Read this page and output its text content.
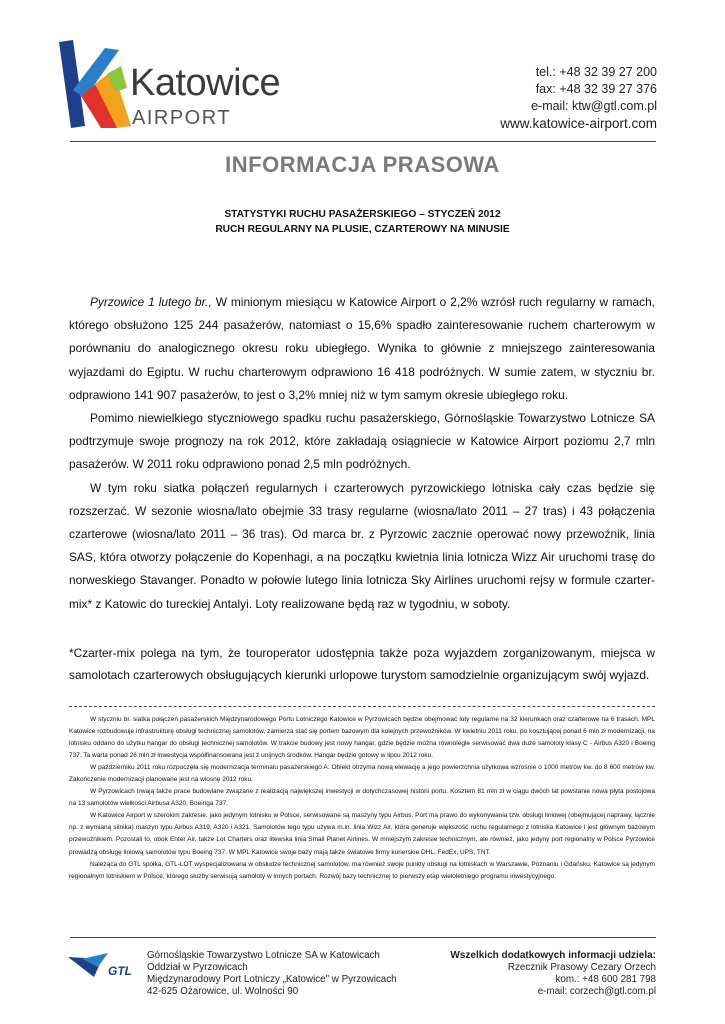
Katowice
AIRPORT
tel.: +48 32 39 27 200
fax: +48 32 39 27 376
e-mail: ktw@gtl.com.pl
www.katowice-airport.com
INFORMACJA PRASOWA
STATYSTYKI RUCHU PASAŻERSKIEGO – STYCZEŃ 2012
RUCH REGULARNY NA PLUSIE, CZARTEROWY NA MINUSIE

Pyrzowice 1 lutego br., W minionym miesiącu w Katowice Airport o 2,2% wzrósł ruch regularny w ramach, którego obsłużono 125 244 pasażerów, natomiast o 15,6% spadło zainteresowanie ruchem charterowym w porównaniu do analogicznego okresu roku ubiegłego. Wynika to głównie z mniejszego zainteresowania wyjazdami do Egiptu. W ruchu charterowym odprawiono 16 418 podróżnych. W sumie zatem, w styczniu br. odprawiono 141 907 pasażerów, to jest o 3,2% mniej niż w tym samym okresie ubiegłego roku.

Pomimo niewielkiego styczniowego spadku ruchu pasażerskiego, Górnośląskie Towarzystwo Lotnicze SA podtrzymuje swoje prognozy na rok 2012, które zakładają osiągniecie w Katowice Airport poziomu 2,7 mln pasażerów. W 2011 roku odprawiono ponad 2,5 mln podróżnych.

W tym roku siatka połączeń regularnych i czarterowych pyrzowickiego lotniska cały czas będzie się rozszerzać. W sezonie wiosna/lato obejmie 33 trasy regularne (wiosna/lato 2011 – 27 tras) i 43 połączenia czarterowe (wiosna/lato 2011 – 36 tras). Od marca br. z Pyrzowic zacznie operować nowy przewoźnik, linia SAS, która otworzy połączenie do Kopenhagi, a na początku kwietnia linia lotnicza Wizz Air uruchomi trasę do norweskiego Stavanger. Ponadto w połowie lutego linia lotnicza Sky Airlines uruchomi rejsy w formule czarter-mix* z Katowic do tureckiej Antalyi. Loty realizowane będą raz w tygodniu, w soboty.

*Czarter-mix polega na tym, że touroperator udostępnia także poza wyjazdem zorganizowanym, miejsca w samolotach czarterowych obsługujących kierunki urlopowe turystom samodzielnie organizującym swój wyjazd.

W styczniu br. siatka połączeń pasażerskich Międzynarodowego Portu Lotniczego Katowice w Pyrzowicach będzie obejmować loty regularne na 32 kierunkach oraz czarterowe na 6 trasach. MPL Katowice rozbudowuje infrastrukturę obsługi technicznej samolotów, zamierza stać się portem bazowym dla kolejnych przewoźników. W kwietniu 2011 roku, po kosztującej ponad 6 mln zł modernizacji, na lotnisku oddano do użytku hangar do obsługi technicznej samolotów. W trakcie budowy jest nowy hangar, gdzie będzie można równolegle serwisować dwa duże samoloty klasy C - Airbus A320 i Boeing 737. Ta warta ponad 26 mln zł inwestycja współfinansowana jest z unijnych środków. Hangar będzie gotowy w lipcu 2012 roku.

W październiku 2011 roku rozpoczęła się modernizacja terminalu pasażerskiego A. Obiekt otrzyma nową elewację a jego powierzchnia użytkowa wzrośnie o 1000 metrów kw. do 8 600 metrów kw. Zakończenie modernizacji planowane jest na wiosnę 2012 roku.

W Pyrzowicach trwają także prace budowlane związane z realizacją największej inwestycji w dotychczasowej historii portu. Kosztem 81 mln zł w ciągu dwóch lat powstanie nowa płyta postojowa na 13 samolotów wielkości Airbusa A320, Boeinga 737.

W Katowice Airport w szerokim zakresie, jako jedynym lotnisku w Polsce, serwisowane są maszyny typu Airbus. Port ma prawo do wykonywania tzw. obsługi liniowej (obejmującej naprawy, łącznie np. z wymianą silnika) maszyn typu Airbus A319, A320 i A321. Samolotów tego typu używa m.in. linia Wizz Air, która generuje większość ruchu regularnego z lotniska Katowice i jest głównym bazowym przewoźnikiem. Pozostali to, obok Enter Air, także Lot Charters oraz litewska linia Small Planet Airlines. W mniejszym zakresie technicznym, ale również, jako jedyny port regionalny w Polsce Pyrzowice prowadzą obsługę liniową samolotów typu Boeing 737. W MPL Katowice swoje bazy mają także światowe firmy kurierskie DHL, FedEx, UPS, TNT.

Należąca do GTL spółka, GTL-LOT wyspecjalizowana w obsłudze technicznej samolotów, ma również swoje punkty obsługi na lotniskach w Warszawie, Poznaniu i Gdańsku. Katowice są jedynym regionalnym lotniskiem w Polsce, którego służby serwisują samoloty w innych portach. Rozwój bazy technicznej to pierwszy etap wieloletniego programu inwestycyjnego.

GTL
Górnośląskie Towarzystwo Lotnicze SA w Katowicach
Oddział w Pyrzowicach
Międzynarodowy Port Lotniczy „Katowice" w Pyrzowicach
42-625 Ożarowice, ul. Wolności 90
Wszelkich dodatkowych informacji udziela:
Rzecznik Prasowy Cezary Orzech
kom.: +48 600 281 798
e-mail: corzech@gtl.com.pl
